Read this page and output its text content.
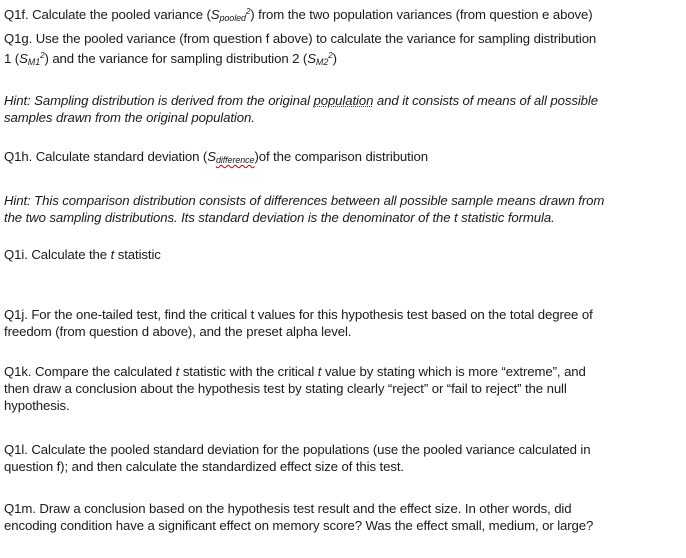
Q1f. Calculate the pooled variance $(S_{pooled}^2)$ from the two population variances (from question e above)
Q1g. Use the pooled variance (from question f above) to calculate the variance for sampling distribution
1 $(S_{M1}^2)$ and the variance for sampling distribution 2 $(S_{M2}^2)$
Hint: Sampling distribution is derived from the original population and it consists of means of all possible
samples drawn from the original population.
Q1h. Calculate standard deviation $(S_{difference})of$ the comparison distribution
Hint: This comparison distribution consists of differences between all possible sample means drawn from
the two sampling distributions. Its standard deviation is the denominator of the t statistic formula.
Q1i. Calculate the t statistic
Q1j. For the one-tailed test, find the critical t values for this hypothesis test based on the total degree of
freedom (from question d above), and the preset alpha level.
Q1k. Compare the calculated t statistic with the critical t value by stating which is more “extreme”, and
then draw a conclusion about the hypothesis test by stating clearly “reject” or “fail to reject” the null
hypothesis.
Q1l. Calculate the pooled standard deviation for the populations (use the pooled variance calculated in
question f); and then calculate the standardized effect size of this test.
Q1m. Draw a conclusion based on the hypothesis test result and the effect size. In other words, did
encoding condition have a significant effect on memory score? Was the effect small, medium, or large?
